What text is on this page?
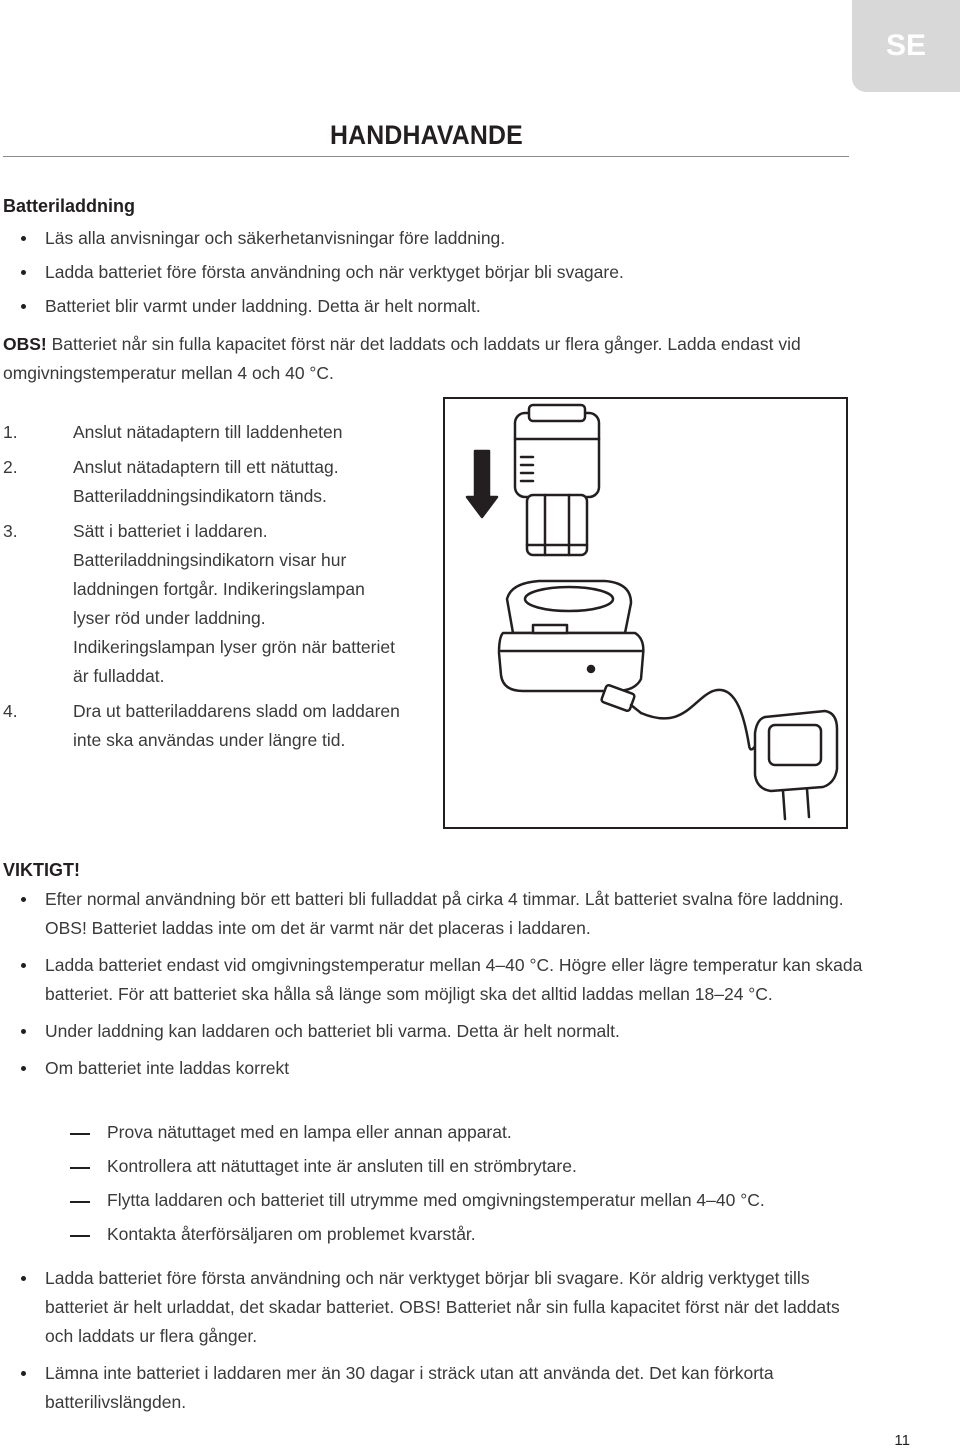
SE
HANDHAVANDE
Batteriladdning
Läs alla anvisningar och säkerhetanvisningar före laddning.
Ladda batteriet före första användning och när verktyget börjar bli svagare.
Batteriet blir varmt under laddning. Detta är helt normalt.

OBS! Batteriet når sin fulla kapacitet först när det laddats och laddats ur flera gånger. Ladda endast vid omgivningstemperatur mellan 4 och 40 °C.

1.	Anslut nätadaptern till laddenheten
2.	Anslut nätadaptern till ett nätuttag. Batteriladdningsindikatorn tänds.
3.	Sätt i batteriet i laddaren. Batteriladdningsindikatorn visar hur laddningen fortgår. Indikeringslampan lyser röd under laddning. Indikeringslampan lyser grön när batteriet är fulladdat.
4.	Dra ut batteriladdarens sladd om laddaren inte ska användas under längre tid.
VIKTIGT!
Efter normal användning bör ett batteri bli fulladdat på cirka 4 timmar. Låt batteriet svalna före laddning. OBS! Batteriet laddas inte om det är varmt när det placeras i laddaren.
Ladda batteriet endast vid omgivningstemperatur mellan 4–40 °C. Högre eller lägre temperatur kan skada batteriet. För att batteriet ska hålla så länge som möjligt ska det alltid laddas mellan 18–24 °C.
Under laddning kan laddaren och batteriet bli varma. Detta är helt normalt.
Om batteriet inte laddas korrekt
Prova nätuttaget med en lampa eller annan apparat.
Kontrollera att nätuttaget inte är ansluten till en strömbrytare.
Flytta laddaren och batteriet till utrymme med omgivningstemperatur mellan 4–40 °C.
Kontakta återförsäljaren om problemet kvarstår.
Ladda batteriet före första användning och när verktyget börjar bli svagare. Kör aldrig verktyget tills batteriet är helt urladdat, det skadar batteriet. OBS! Batteriet når sin fulla kapacitet först när det laddats och laddats ur flera gånger.
Lämna inte batteriet i laddaren mer än 30 dagar i sträck utan att använda det. Det kan förkorta batterilivslängden.
11
